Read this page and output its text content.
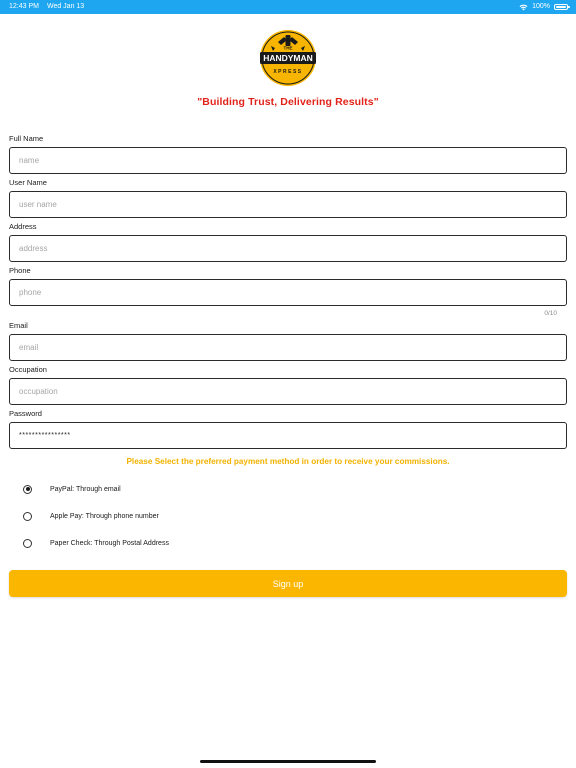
12:43 PM Wed Jan 13	100%
HANDYMAN
THE
XPRESS
"Building Trust, Delivering Results"
Full Name
name
User Name
user name
Address
address
Phone
phone
0/10
Email
email
Occupation
occupation
Password
****************
Please Select the preferred payment method in order to receive your commissions.
PayPal: Through email
Apple Pay: Through phone number
Paper Check: Through Postal Address
Sign up
